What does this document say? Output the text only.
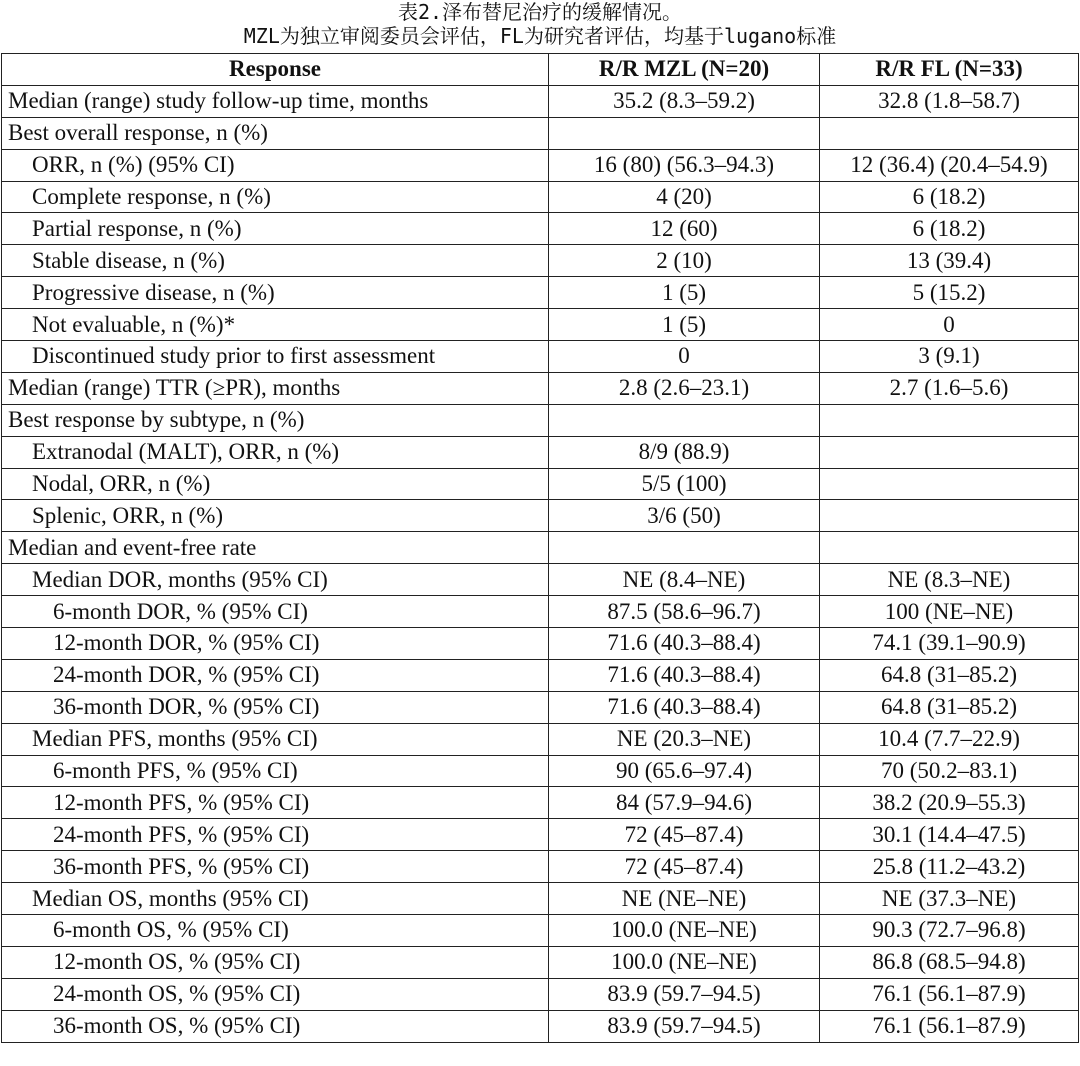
表2.泽布替尼治疗的缓解情况。
MZL为独立审阅委员会评估，FL为研究者评估，均基于lugano标准
Response	R/R MZL (N=20)	R/R FL (N=33)
Median (range) study follow-up time, months	35.2 (8.3–59.2)	32.8 (1.8–58.7)
Best overall response, n (%)		
ORR, n (%) (95% CI)	16 (80) (56.3–94.3)	12 (36.4) (20.4–54.9)
Complete response, n (%)	4 (20)	6 (18.2)
Partial response, n (%)	12 (60)	6 (18.2)
Stable disease, n (%)	2 (10)	13 (39.4)
Progressive disease, n (%)	1 (5)	5 (15.2)
Not evaluable, n (%)*	1 (5)	0
Discontinued study prior to first assessment	0	3 (9.1)
Median (range) TTR (≥PR), months	2.8 (2.6–23.1)	2.7 (1.6–5.6)
Best response by subtype, n (%)		
Extranodal (MALT), ORR, n (%)	8/9 (88.9)	
Nodal, ORR, n (%)	5/5 (100)	
Splenic, ORR, n (%)	3/6 (50)	
Median and event-free rate		
Median DOR, months (95% CI)	NE (8.4–NE)	NE (8.3–NE)
6-month DOR, % (95% CI)	87.5 (58.6–96.7)	100 (NE–NE)
12-month DOR, % (95% CI)	71.6 (40.3–88.4)	74.1 (39.1–90.9)
24-month DOR, % (95% CI)	71.6 (40.3–88.4)	64.8 (31–85.2)
36-month DOR, % (95% CI)	71.6 (40.3–88.4)	64.8 (31–85.2)
Median PFS, months (95% CI)	NE (20.3–NE)	10.4 (7.7–22.9)
6-month PFS, % (95% CI)	90 (65.6–97.4)	70 (50.2–83.1)
12-month PFS, % (95% CI)	84 (57.9–94.6)	38.2 (20.9–55.3)
24-month PFS, % (95% CI)	72 (45–87.4)	30.1 (14.4–47.5)
36-month PFS, % (95% CI)	72 (45–87.4)	25.8 (11.2–43.2)
Median OS, months (95% CI)	NE (NE–NE)	NE (37.3–NE)
6-month OS, % (95% CI)	100.0 (NE–NE)	90.3 (72.7–96.8)
12-month OS, % (95% CI)	100.0 (NE–NE)	86.8 (68.5–94.8)
24-month OS, % (95% CI)	83.9 (59.7–94.5)	76.1 (56.1–87.9)
36-month OS, % (95% CI)	83.9 (59.7–94.5)	76.1 (56.1–87.9)
